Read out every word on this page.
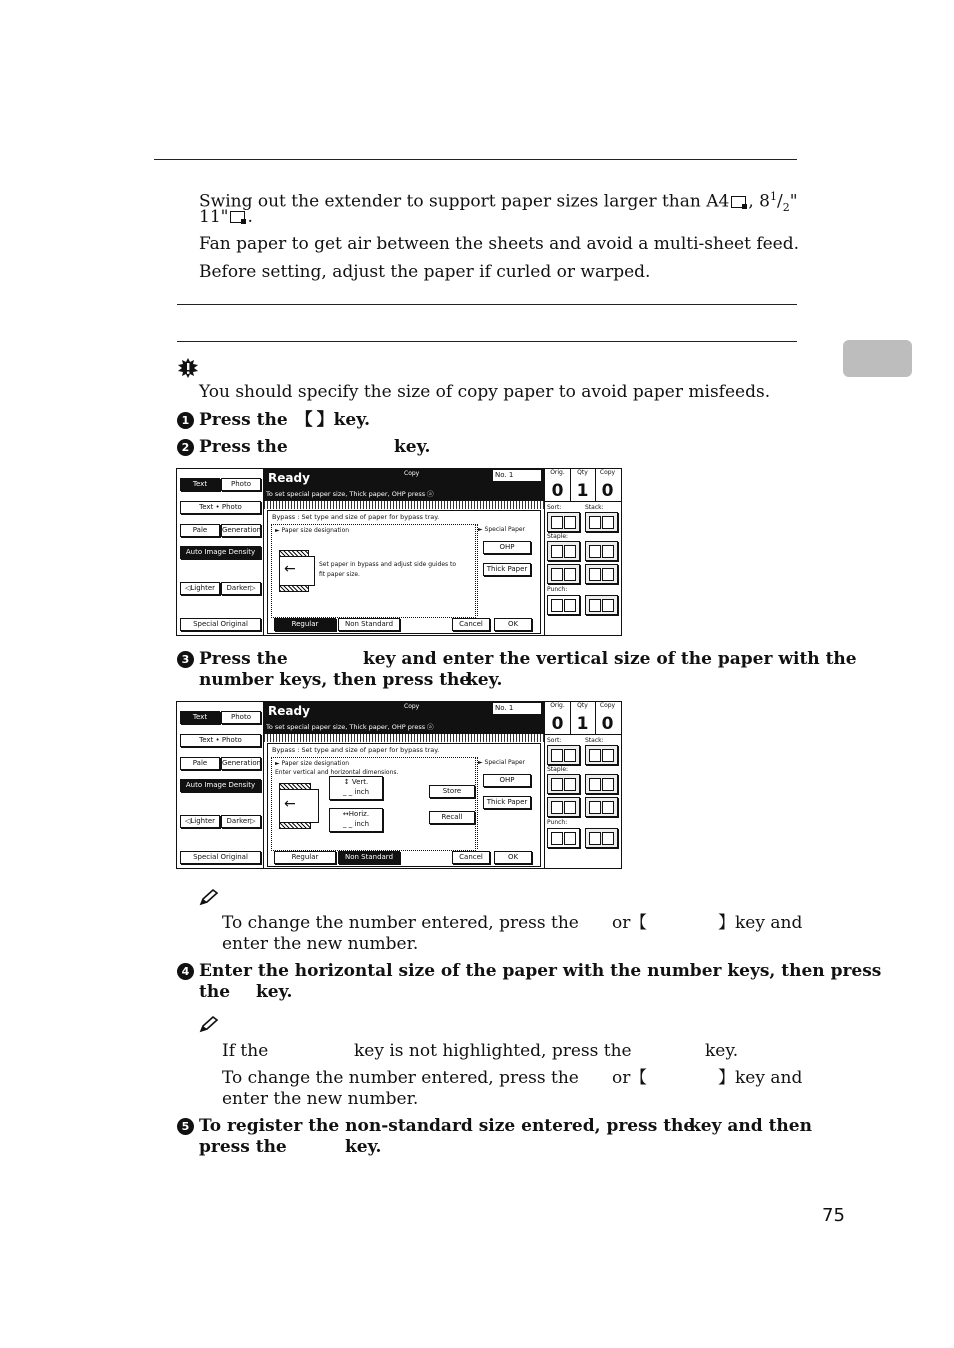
Swing out the extender to support paper sizes larger than A4 , $8^1/_2$"
11" .
Fan paper to get air between the sheets and avoid a multi-sheet feed.
Before setting, adjust the paper if curled or warped.
You should specify the size of copy paper to avoid paper misfeeds.
1 Press the 【 】key.
2 Press the	key.
Text	Photo
Text • Photo
Pale	Generation
Auto Image Density
◁Lighter	Darker▷
Special Original
Ready	Copy	No. 1
To set special paper size, Thick paper, OHP press ⓐ
Bypass : Set type and size of paper for bypass tray.
► Paper size designation
←	Set paper in bypass and adjust side guides to
fit paper size.
► Special Paper
OHP
Thick Paper
Regular	Non Standard	Cancel	OK
Orig.
0
Qty
1
Copy
0
Sort:	Stack:
Staple:
Punch:
3 Press the	key and enter the vertical size of the paper with the
number keys, then press the
key.
Text	Photo
Text • Photo
Pale	Generation
Auto Image Density
◁Lighter	Darker▷
Special Original
Ready	Copy	No. 1
To set special paper size, Thick paper, OHP press ⓐ
Bypass : Set type and size of paper for bypass tray.
► Paper size designation
Enter vertical and horizontal dimensions.
←
↕ Vert.
_ _ inch
↔Horiz.
_ _ inch
Store
Recall
► Special Paper
OHP
Thick Paper
Regular	Non Standard	Cancel	OK
Orig.
0
Qty
1
Copy
0
Sort:	Stack:
Staple:
Punch:
To change the number entered, press the or 【	】key and
enter the new number.
4 Enter the horizontal size of the paper with the number keys, then press
the key.
If the	key is not highlighted, press the	key.
To change the number entered, press the or 【	】key and
enter the new number.
5 To register the non-standard size entered, press the
key and then
press the	key.
75
